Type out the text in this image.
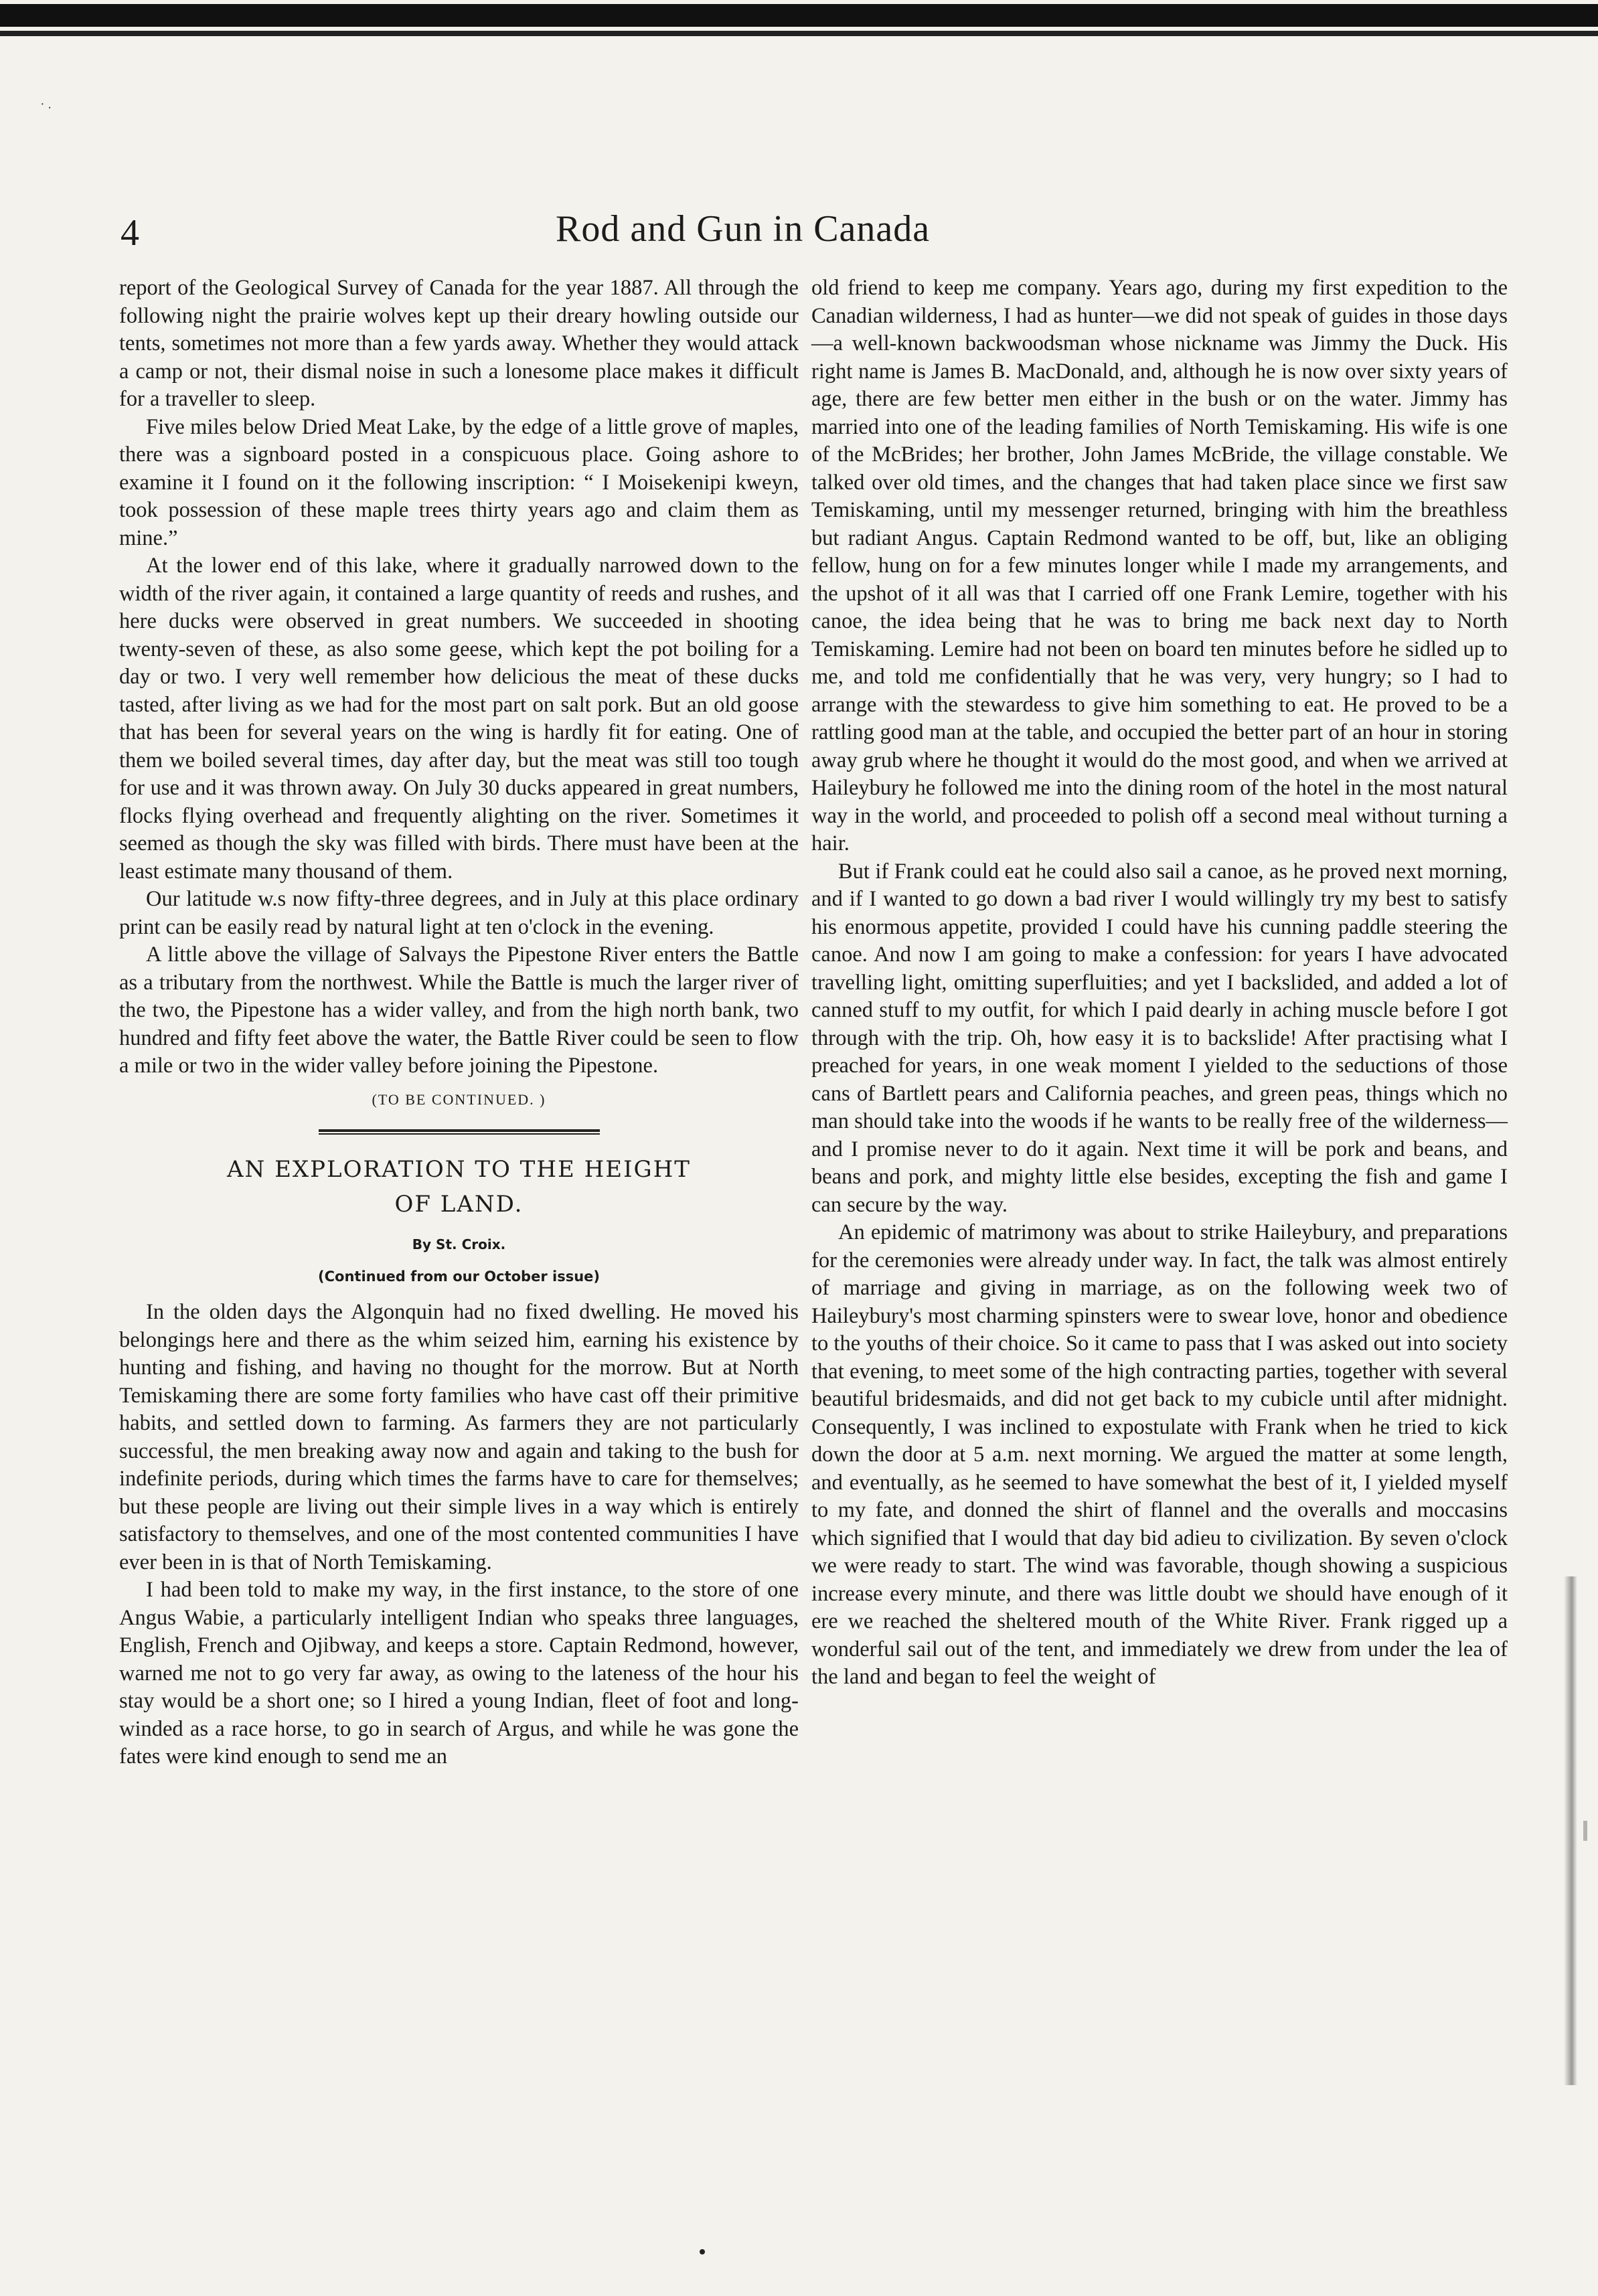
· .
4	Rod and Gun in Canada

report of the Geological Survey of Canada for the year 1887. All through the following night the prairie wolves kept up their dreary howling outside our tents, sometimes not more than a few yards away. Whether they would attack a camp or not, their dismal noise in such a lonesome place makes it difficult for a traveller to sleep.

Five miles below Dried Meat Lake, by the edge of a little grove of maples, there was a signboard posted in a conspicuous place. Going ashore to examine it I found on it the following inscription: “ I Moisekenipi kweyn, took possession of these maple trees thirty years ago and claim them as mine.”

At the lower end of this lake, where it gradually narrowed down to the width of the river again, it contained a large quantity of reeds and rushes, and here ducks were observed in great numbers. We succeeded in shooting twenty-seven of these, as also some geese, which kept the pot boiling for a day or two. I very well remember how delicious the meat of these ducks tasted, after living as we had for the most part on salt pork. But an old goose that has been for several years on the wing is hardly fit for eating. One of them we boiled several times, day after day, but the meat was still too tough for use and it was thrown away. On July 30 ducks appeared in great numbers, flocks flying overhead and frequently alighting on the river. Sometimes it seemed as though the sky was filled with birds. There must have been at the least estimate many thousand of them.

Our latitude w.s now fifty-three degrees, and in July at this place ordinary print can be easily read by natural light at ten o'clock in the evening.

A little above the village of Salvays the Pipestone River enters the Battle as a tributary from the northwest. While the Battle is much the larger river of the two, the Pipestone has a wider valley, and from the high north bank, two hundred and fifty feet above the water, the Battle River could be seen to flow a mile or two in the wider valley before joining the Pipestone.

(TO BE CONTINUED. )
AN EXPLORATION TO THE HEIGHT
OF LAND.
By St. Croix.
(Continued from our October issue)

In the olden days the Algonquin had no fixed dwelling. He moved his belongings here and there as the whim seized him, earning his existence by hunting and fishing, and having no thought for the morrow. But at North Temiskaming there are some forty families who have cast off their primitive habits, and settled down to farming. As farmers they are not particularly successful, the men breaking away now and again and taking to the bush for indefinite periods, during which times the farms have to care for themselves; but these people are living out their simple lives in a way which is entirely satisfactory to themselves, and one of the most contented communities I have ever been in is that of North Temiskaming.

I had been told to make my way, in the first instance, to the store of one Angus Wabie, a particularly intelligent Indian who speaks three languages, English, French and Ojibway, and keeps a store. Captain Redmond, however, warned me not to go very far away, as owing to the lateness of the hour his stay would be a short one; so I hired a young Indian, fleet of foot and long-winded as a race horse, to go in search of Argus, and while he was gone the fates were kind enough to send me an

old friend to keep me company. Years ago, during my first expedition to the Canadian wilderness, I had as hunter—we did not speak of guides in those days—a well-known backwoodsman whose nickname was Jimmy the Duck. His right name is James B. MacDonald, and, although he is now over sixty years of age, there are few better men either in the bush or on the water. Jimmy has married into one of the leading families of North Temiskaming. His wife is one of the McBrides; her brother, John James McBride, the village constable. We talked over old times, and the changes that had taken place since we first saw Temiskaming, until my messenger returned, bringing with him the breathless but radiant Angus. Captain Redmond wanted to be off, but, like an obliging fellow, hung on for a few minutes longer while I made my arrangements, and the upshot of it all was that I carried off one Frank Lemire, together with his canoe, the idea being that he was to bring me back next day to North Temiskaming. Lemire had not been on board ten minutes before he sidled up to me, and told me confidentially that he was very, very hungry; so I had to arrange with the stewardess to give him something to eat. He proved to be a rattling good man at the table, and occupied the better part of an hour in storing away grub where he thought it would do the most good, and when we arrived at Haileybury he followed me into the dining room of the hotel in the most natural way in the world, and proceeded to polish off a second meal without turning a hair.

But if Frank could eat he could also sail a canoe, as he proved next morning, and if I wanted to go down a bad river I would willingly try my best to satisfy his enormous appetite, provided I could have his cunning paddle steering the canoe. And now I am going to make a confession: for years I have advocated travelling light, omitting superfluities; and yet I backslided, and added a lot of canned stuff to my outfit, for which I paid dearly in aching muscle before I got through with the trip. Oh, how easy it is to backslide! After practising what I preached for years, in one weak moment I yielded to the seductions of those cans of Bartlett pears and California peaches, and green peas, things which no man should take into the woods if he wants to be really free of the wilderness—and I promise never to do it again. Next time it will be pork and beans, and beans and pork, and mighty little else besides, excepting the fish and game I can secure by the way.

An epidemic of matrimony was about to strike Haileybury, and preparations for the ceremonies were already under way. In fact, the talk was almost entirely of marriage and giving in marriage, as on the following week two of Haileybury's most charming spinsters were to swear love, honor and obedience to the youths of their choice. So it came to pass that I was asked out into society that evening, to meet some of the high contracting parties, together with several beautiful bridesmaids, and did not get back to my cubicle until after midnight. Consequently, I was inclined to expostulate with Frank when he tried to kick down the door at 5 a.m. next morning. We argued the matter at some length, and eventually, as he seemed to have somewhat the best of it, I yielded myself to my fate, and donned the shirt of flannel and the overalls and moccasins which signified that I would that day bid adieu to civilization. By seven o'clock we were ready to start. The wind was favorable, though showing a suspicious increase every minute, and there was little doubt we should have enough of it ere we reached the sheltered mouth of the White River. Frank rigged up a wonderful sail out of the tent, and immediately we drew from under the lea of the land and began to feel the weight of
